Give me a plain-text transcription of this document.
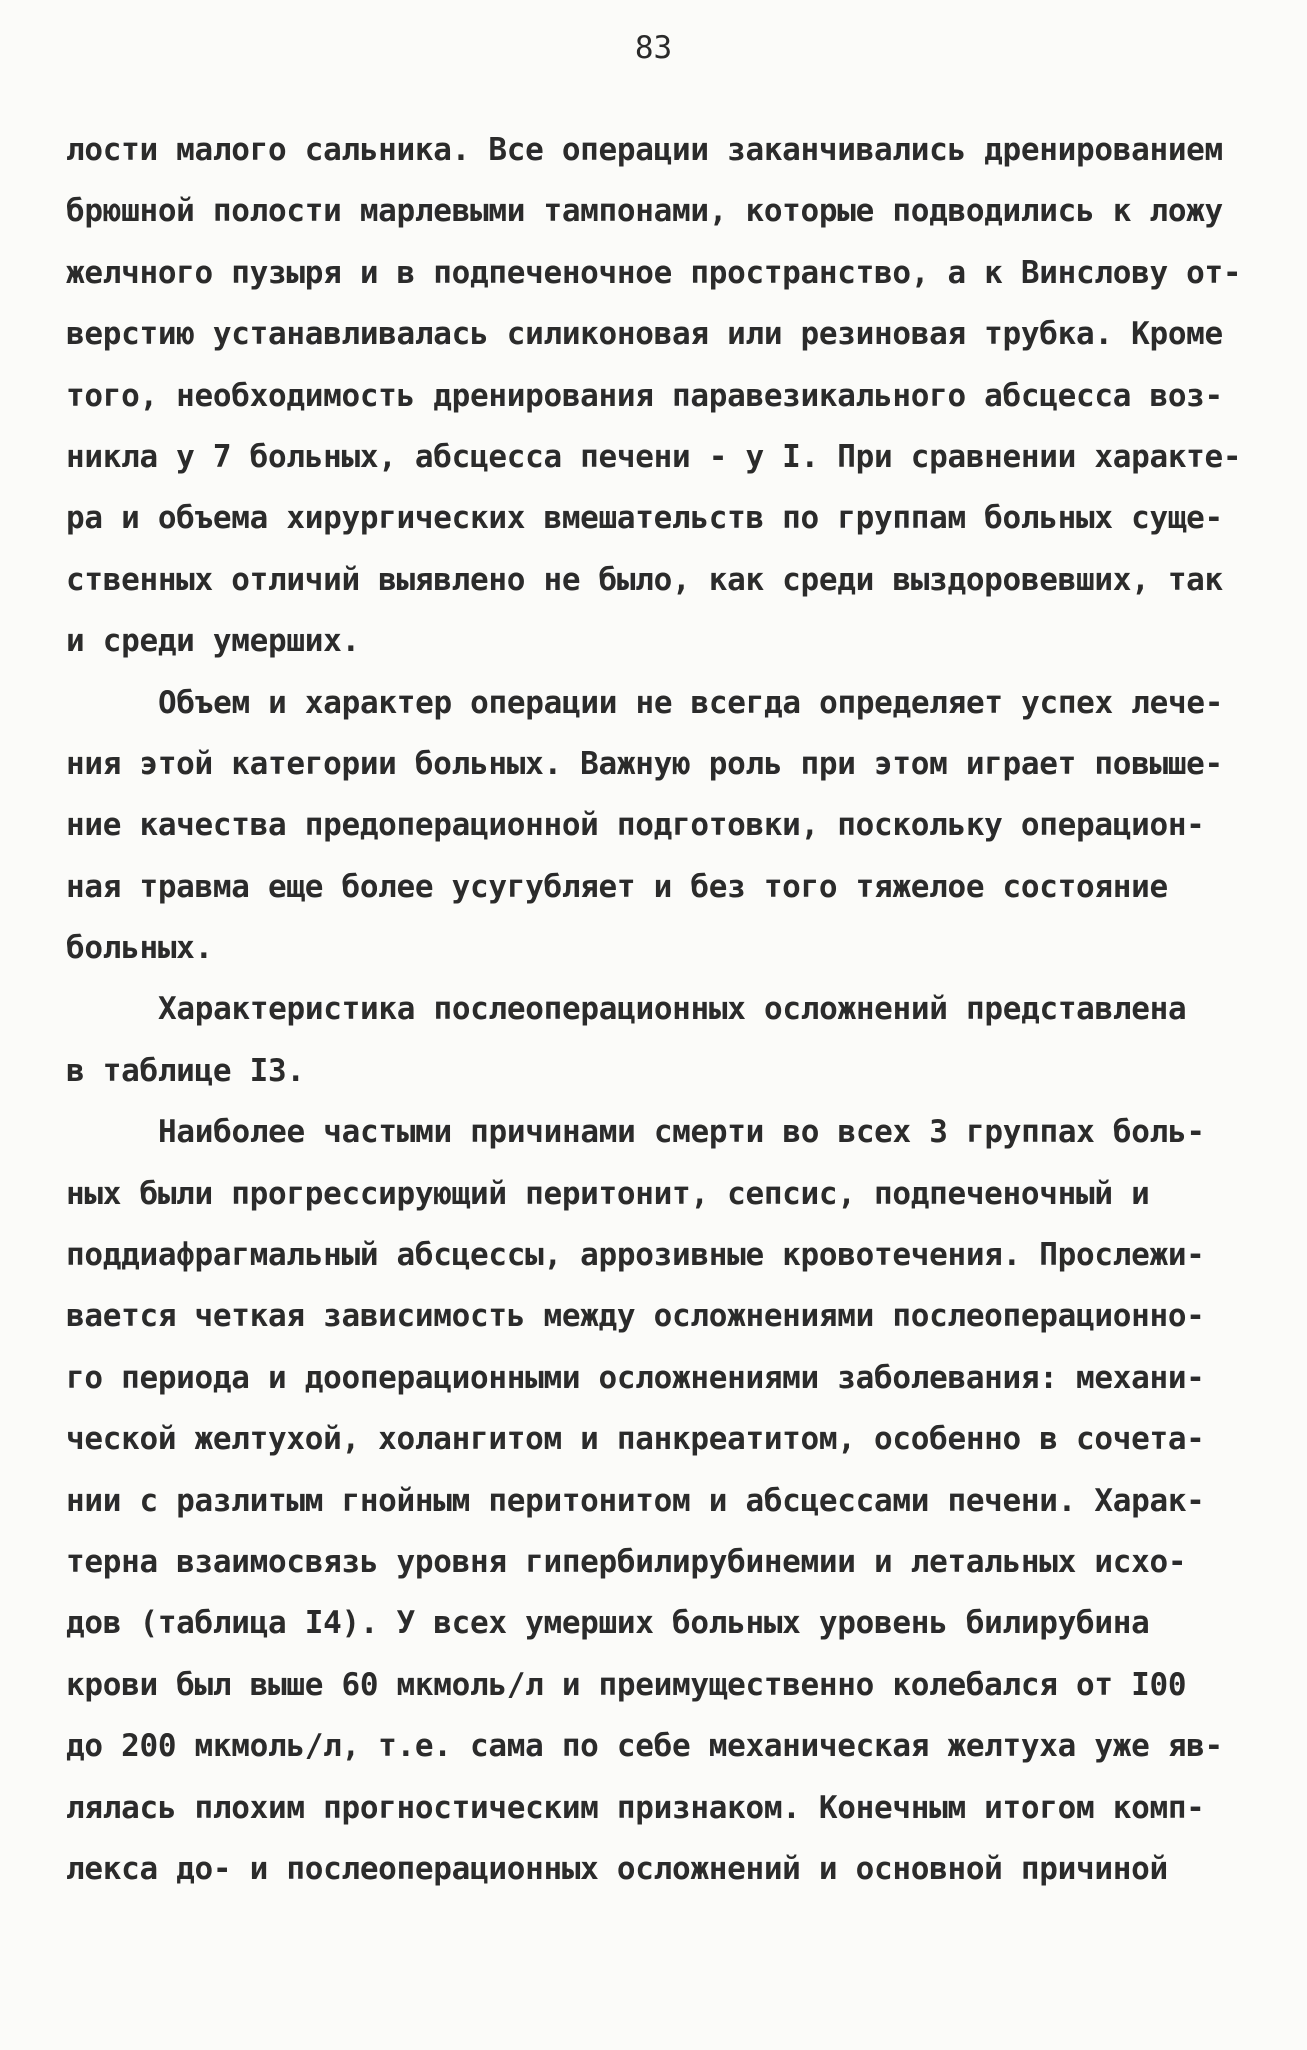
83
лости малого сальника. Все операции заканчивались дренированием
брюшной полости марлевыми тампонами, которые подводились к ложу
желчного пузыря и в подпеченочное пространство, а к Винслову от-
верстию устанавливалась силиконовая или резиновая трубка. Кроме
того, необходимость дренирования паравезикального абсцесса воз-
никла у 7 больных, абсцесса печени - у I. При сравнении характе-
ра и объема хирургических вмешательств по группам больных суще-
ственных отличий выявлено не было, как среди выздоровевших, так
и среди умерших.
Объем и характер операции не всегда определяет успех лече-
ния этой категории больных. Важную роль при этом играет повыше-
ние качества предоперационной подготовки, поскольку операцион-
ная травма еще более усугубляет и без того тяжелое состояние
больных.
Характеристика послеоперационных осложнений представлена
в таблице I3.
Наиболее частыми причинами смерти во всех 3 группах боль-
ных были прогрессирующий перитонит, сепсис, подпеченочный и
поддиафрагмальный абсцессы, аррозивные кровотечения. Прослежи-
вается четкая зависимость между осложнениями послеоперационно-
го периода и дооперационными осложнениями заболевания: механи-
ческой желтухой, холангитом и панкреатитом, особенно в сочета-
нии с разлитым гнойным перитонитом и абсцессами печени. Харак-
терна взаимосвязь уровня гипербилирубинемии и летальных исхо-
дов (таблица I4). У всех умерших больных уровень билирубина
крови был выше 60 мкмоль/л и преимущественно колебался от I00
до 200 мкмоль/л, т.е. сама по себе механическая желтуха уже яв-
лялась плохим прогностическим признаком. Конечным итогом комп-
лекса до- и послеоперационных осложнений и основной причиной
